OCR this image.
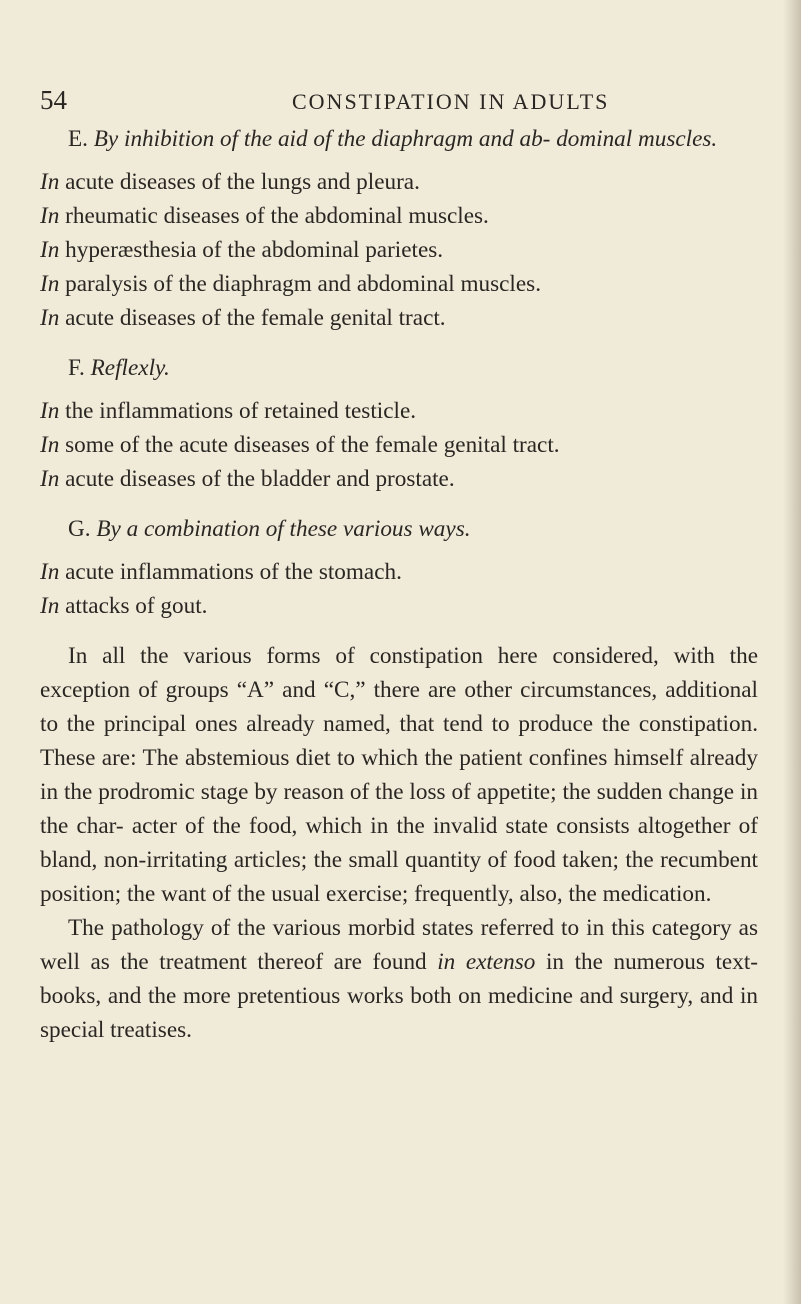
54	CONSTIPATION IN ADULTS

E. By inhibition of the aid of the diaphragm and ab- dominal muscles.

In acute diseases of the lungs and pleura.

In rheumatic diseases of the abdominal muscles.

In hyperæsthesia of the abdominal parietes.

In paralysis of the diaphragm and abdominal muscles.

In acute diseases of the female genital tract.

F. Reflexly.

In the inflammations of retained testicle.

In some of the acute diseases of the female genital tract.

In acute diseases of the bladder and prostate.

G. By a combination of these various ways.

In acute inflammations of the stomach.

In attacks of gout.

In all the various forms of constipation here considered, with the exception of groups “A” and “C,” there are other circumstances, additional to the principal ones already named, that tend to produce the constipation. These are: The abstemious diet to which the patient confines himself already in the prodromic stage by reason of the loss of appetite; the sudden change in the char- acter of the food, which in the invalid state consists altogether of bland, non-irritating articles; the small quantity of food taken; the recumbent position; the want of the usual exercise; frequently, also, the medication.

The pathology of the various morbid states referred to in this category as well as the treatment thereof are found in extenso in the numerous text-books, and the more pretentious works both on medicine and surgery, and in special treatises.
